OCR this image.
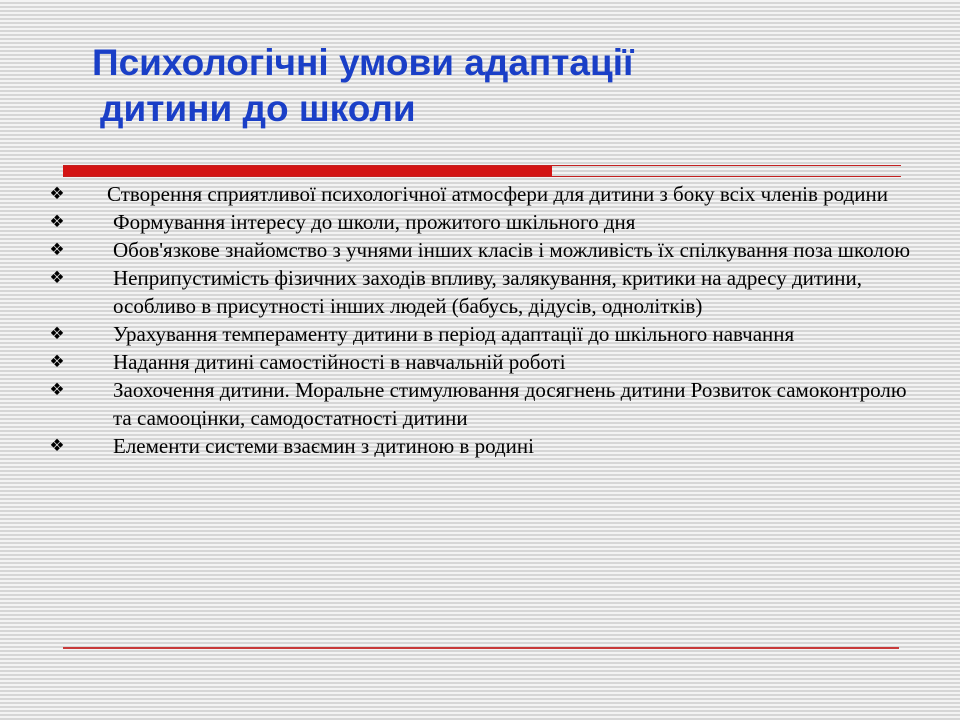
Психологічні умови адаптації
дитини до школи
❖ Створення сприятливої психологічної атмосфери для дитини з боку всіх членів родини
❖ Формування інтересу до школи, прожитого шкільного дня
❖ Обов'язкове знайомство з учнями інших класів і можливість їх спілкування поза школою
❖ Неприпустимість фізичних заходів впливу, залякування, критики на адресу дитини, особливо в присутності інших людей (бабусь, дідусів, однолітків)
❖ Урахування темпераменту дитини в період адаптації до шкільного навчання
❖ Надання дитині самостійності в навчальній роботі
❖ Заохочення дитини. Моральне стимулювання досягнень дитини Розвиток самоконтролю та самооцінки, самодостатності дитини
❖ Елементи системи взаємин з дитиною в родині
